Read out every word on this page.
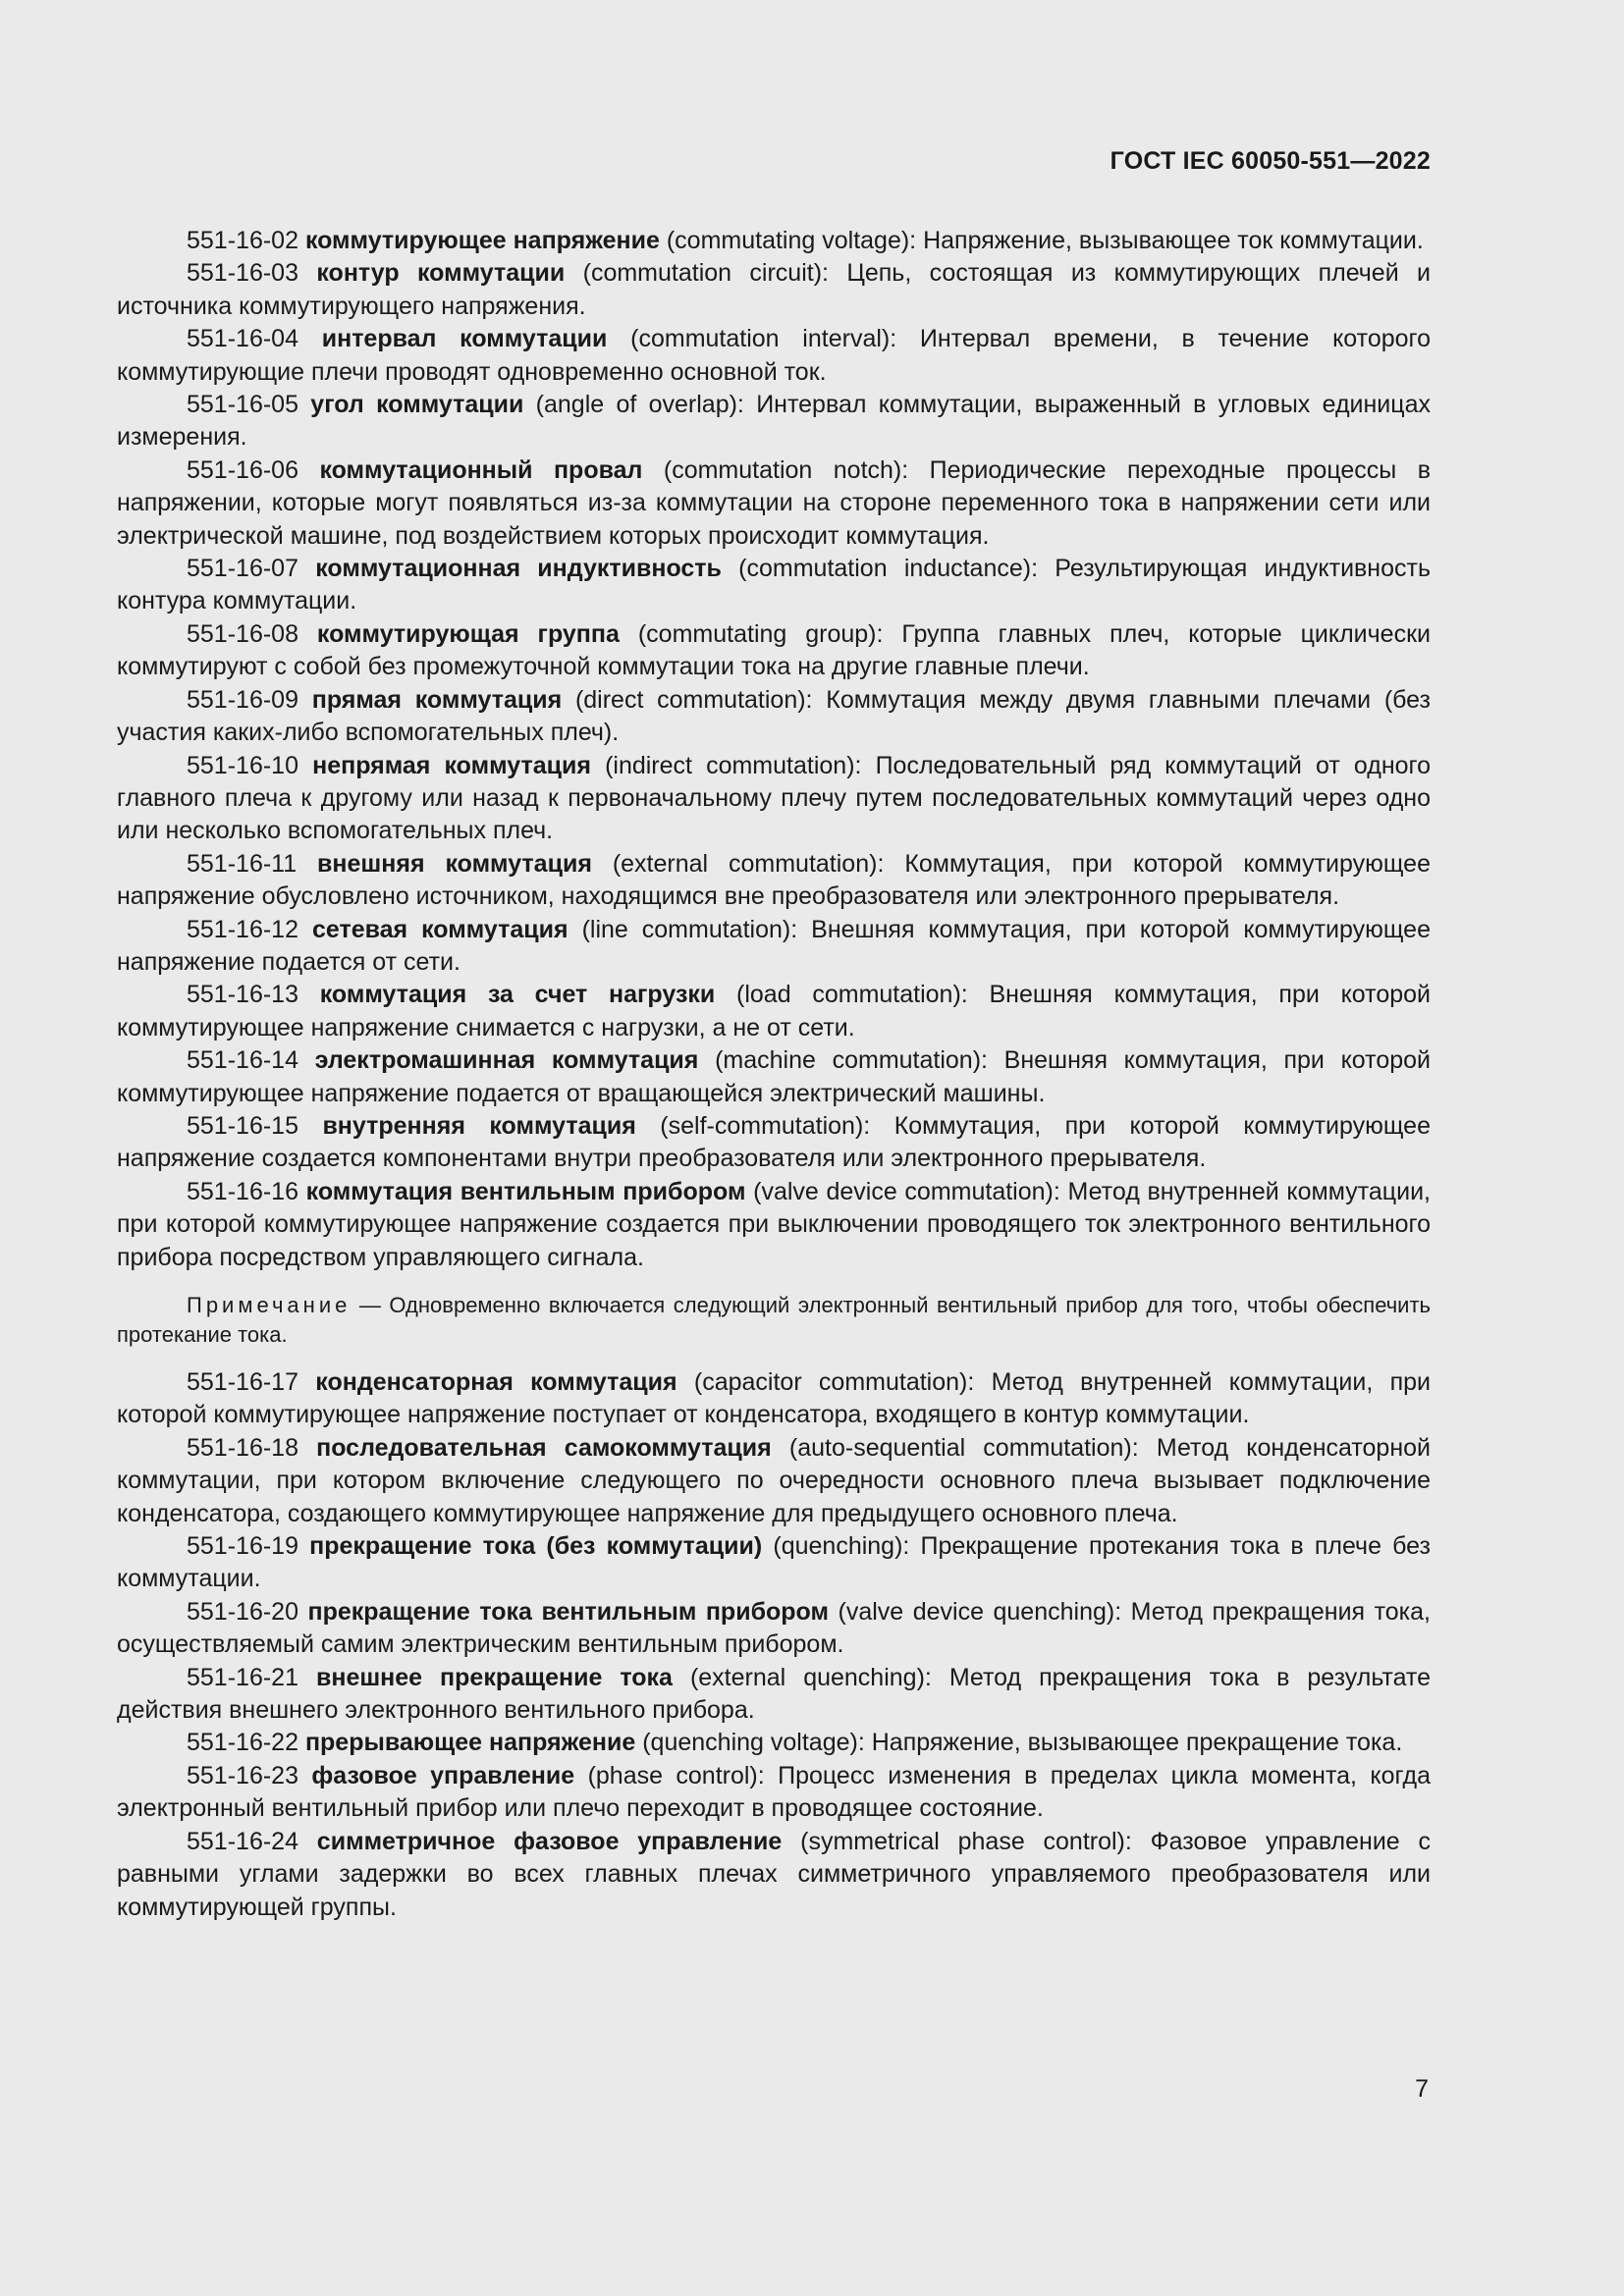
ГОСТ IEC 60050-551—2022

551-16-02 коммутирующее напряжение (commutating voltage): Напряжение, вызывающее ток коммутации.

551-16-03 контур коммутации (commutation circuit): Цепь, состоящая из коммутирующих плечей и источника коммутирующего напряжения.

551-16-04 интервал коммутации (commutation interval): Интервал времени, в течение которого коммутирующие плечи проводят одновременно основной ток.

551-16-05 угол коммутации (angle of overlap): Интервал коммутации, выраженный в угловых единицах измерения.

551-16-06 коммутационный провал (commutation notch): Периодические переходные процессы в напряжении, которые могут появляться из-за коммутации на стороне переменного тока в напряжении сети или электрической машине, под воздействием которых происходит коммутация.

551-16-07 коммутационная индуктивность (commutation inductance): Результирующая индуктивность контура коммутации.

551-16-08 коммутирующая группа (commutating group): Группа главных плеч, которые циклически коммутируют с собой без промежуточной коммутации тока на другие главные плечи.

551-16-09 прямая коммутация (direct commutation): Коммутация между двумя главными плечами (без участия каких-либо вспомогательных плеч).

551-16-10 непрямая коммутация (indirect commutation): Последовательный ряд коммутаций от одного главного плеча к другому или назад к первоначальному плечу путем последовательных коммутаций через одно или несколько вспомогательных плеч.

551-16-11 внешняя коммутация (external commutation): Коммутация, при которой коммутирующее напряжение обусловлено источником, находящимся вне преобразователя или электронного прерывателя.

551-16-12 сетевая коммутация (line commutation): Внешняя коммутация, при которой коммутирующее напряжение подается от сети.

551-16-13 коммутация за счет нагрузки (load commutation): Внешняя коммутация, при которой коммутирующее напряжение снимается с нагрузки, а не от сети.

551-16-14 электромашинная коммутация (machine commutation): Внешняя коммутация, при которой коммутирующее напряжение подается от вращающейся электрический машины.

551-16-15 внутренняя коммутация (self-commutation): Коммутация, при которой коммутирующее напряжение создается компонентами внутри преобразователя или электронного прерывателя.

551-16-16 коммутация вентильным прибором (valve device commutation): Метод внутренней коммутации, при которой коммутирующее напряжение создается при выключении проводящего ток электронного вентильного прибора посредством управляющего сигнала.

Примечание — Одновременно включается следующий электронный вентильный прибор для того, чтобы обеспечить протекание тока.

551-16-17 конденсаторная коммутация (capacitor commutation): Метод внутренней коммутации, при которой коммутирующее напряжение поступает от конденсатора, входящего в контур коммутации.

551-16-18 последовательная самокоммутация (auto-sequential commutation): Метод конденсаторной коммутации, при котором включение следующего по очередности основного плеча вызывает подключение конденсатора, создающего коммутирующее напряжение для предыдущего основного плеча.

551-16-19 прекращение тока (без коммутации) (quenching): Прекращение протекания тока в плече без коммутации.

551-16-20 прекращение тока вентильным прибором (valve device quenching): Метод прекращения тока, осуществляемый самим электрическим вентильным прибором.

551-16-21 внешнее прекращение тока (external quenching): Метод прекращения тока в результате действия внешнего электронного вентильного прибора.

551-16-22 прерывающее напряжение (quenching voltage): Напряжение, вызывающее прекращение тока.

551-16-23 фазовое управление (phase control): Процесс изменения в пределах цикла момента, когда электронный вентильный прибор или плечо переходит в проводящее состояние.

551-16-24 симметричное фазовое управление (symmetrical phase control): Фазовое управление с равными углами задержки во всех главных плечах симметричного управляемого преобразователя или коммутирующей группы.

7
